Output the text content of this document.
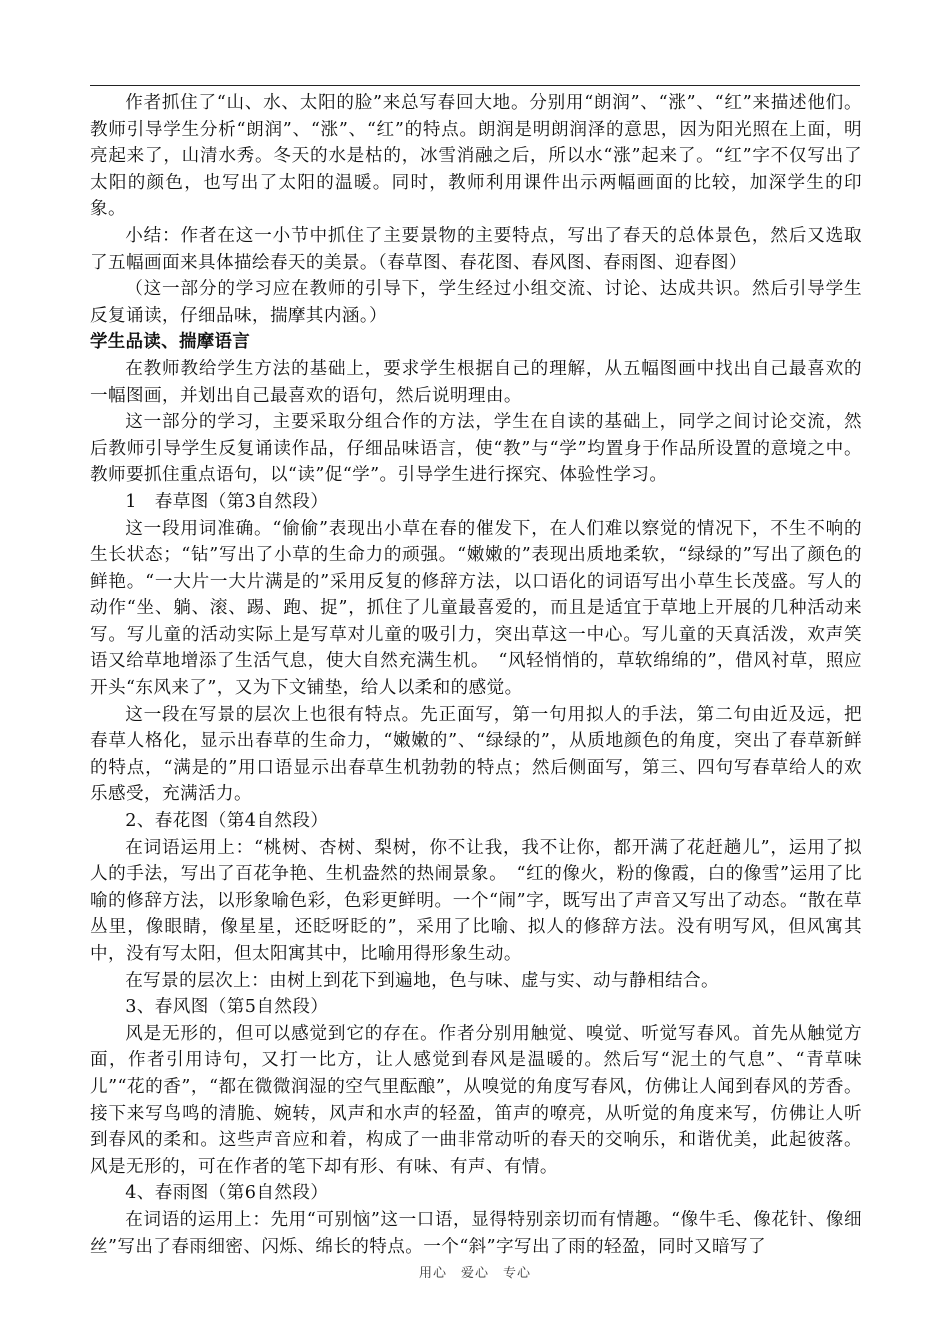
作者抓住了“山、水、太阳的脸”来总写春回大地。分别用“朗润”、“涨”、“红”来描述他们。教师引导学生分析“朗润”、“涨”、“红”的特点。朗润是明朗润泽的意思，因为阳光照在上面，明亮起来了，山清水秀。冬天的水是枯的，冰雪消融之后，所以水“涨”起来了。“红”字不仅写出了太阳的颜色，也写出了太阳的温暖。同时，教师利用课件出示两幅画面的比较，加深学生的印象。

小结：作者在这一小节中抓住了主要景物的主要特点，写出了春天的总体景色，然后又选取了五幅画面来具体描绘春天的美景。（春草图、春花图、春风图、春雨图、迎春图）

（这一部分的学习应在教师的引导下，学生经过小组交流、讨论、达成共识。然后引导学生反复诵读，仔细品味，揣摩其内涵。）

学生品读、揣摩语言

在教师教给学生方法的基础上，要求学生根据自己的理解，从五幅图画中找出自己最喜欢的一幅图画，并划出自己最喜欢的语句，然后说明理由。

这一部分的学习，主要采取分组合作的方法，学生在自读的基础上，同学之间讨论交流，然后教师引导学生反复诵读作品，仔细品味语言，使“教”与“学”均置身于作品所设置的意境之中。教师要抓住重点语句，以“读”促“学”。引导学生进行探究、体验性学习。

1　春草图（第3自然段）

这一段用词准确。“偷偷”表现出小草在春的催发下，在人们难以察觉的情况下，不生不响的生长状态；“钻”写出了小草的生命力的顽强。“嫩嫩的”表现出质地柔软，“绿绿的”写出了颜色的鲜艳。“一大片一大片满是的”采用反复的修辞方法，以口语化的词语写出小草生长茂盛。写人的动作“坐、躺、滚、踢、跑、捉”，抓住了儿童最喜爱的，而且是适宜于草地上开展的几种活动来写。写儿童的活动实际上是写草对儿童的吸引力，突出草这一中心。写儿童的天真活泼，欢声笑语又给草地增添了生活气息，使大自然充满生机。　“风轻悄悄的，草软绵绵的”，借风衬草，照应开头“东风来了”，又为下文铺垫，给人以柔和的感觉。

这一段在写景的层次上也很有特点。先正面写，第一句用拟人的手法，第二句由近及远，把春草人格化，显示出春草的生命力，“嫩嫩的”、“绿绿的”，从质地颜色的角度，突出了春草新鲜的特点，“满是的”用口语显示出春草生机勃勃的特点；然后侧面写，第三、四句写春草给人的欢乐感受，充满活力。

2、春花图（第4自然段）

在词语运用上：“桃树、杏树、梨树，你不让我，我不让你，都开满了花赶趟儿”，运用了拟人的手法，写出了百花争艳、生机盎然的热闹景象。　“红的像火，粉的像霞，白的像雪”运用了比喻的修辞方法，以形象喻色彩，色彩更鲜明。一个“闹”字，既写出了声音又写出了动态。“散在草丛里，像眼睛，像星星，还眨呀眨的”，采用了比喻、拟人的修辞方法。没有明写风，但风寓其中，没有写太阳，但太阳寓其中，比喻用得形象生动。

在写景的层次上：由树上到花下到遍地，色与味、虚与实、动与静相结合。

3、春风图（第5自然段）

风是无形的，但可以感觉到它的存在。作者分别用触觉、嗅觉、听觉写春风。首先从触觉方面，作者引用诗句，又打一比方，让人感觉到春风是温暖的。然后写“泥土的气息”、“青草味儿”“花的香”，“都在微微润湿的空气里酝酿”，从嗅觉的角度写春风，仿佛让人闻到春风的芳香。接下来写鸟鸣的清脆、婉转，风声和水声的轻盈，笛声的嘹亮，从听觉的角度来写，仿佛让人听到春风的柔和。这些声音应和着，构成了一曲非常动听的春天的交响乐，和谐优美，此起彼落。风是无形的，可在作者的笔下却有形、有味、有声、有情。

4、春雨图（第6自然段）

在词语的运用上：先用“可别恼”这一口语，显得特别亲切而有情趣。“像牛毛、像花针、像细丝”写出了春雨细密、闪烁、绵长的特点。一个“斜”字写出了雨的轻盈，同时又暗写了

用心　爱心　专心
